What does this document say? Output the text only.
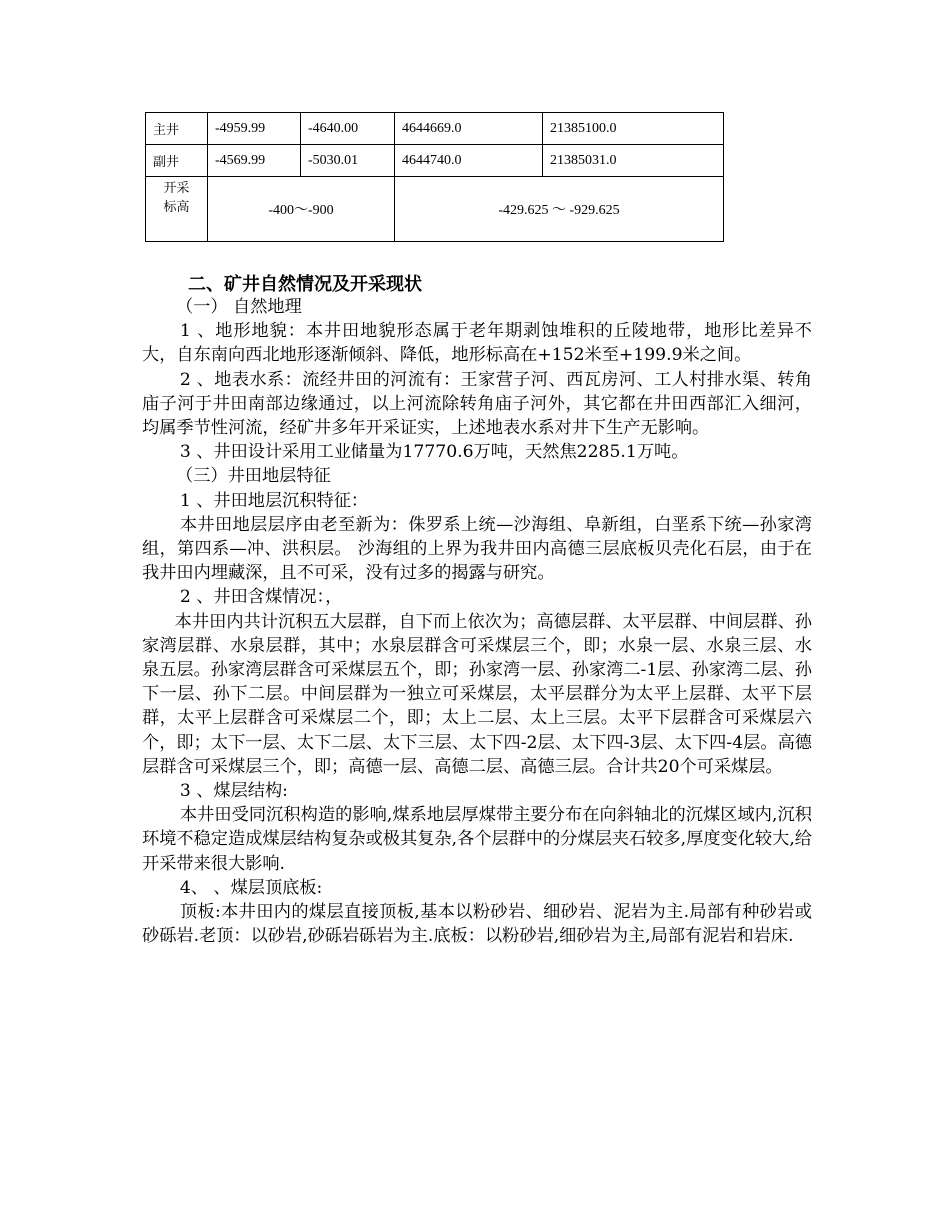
主井	-4959.99	-4640.00	4644669.0	21385100.0
副井	-4569.99	-5030.01	4644740.0	21385031.0

开采
标高	-400～-900		-429.625 ～ -929.625	
二、矿井自然情况及开采现状

（一） 自然地理

1 、地形地貌：本井田地貌形态属于老年期剥蚀堆积的丘陵地带，地形比差异不大，自东南向西北地形逐渐倾斜、降低，地形标高在+152米至+199.9米之间。

2 、地表水系：流经井田的河流有：王家营子河、西瓦房河、工人村排水渠、转角庙子河于井田南部边缘通过，以上河流除转角庙子河外，其它都在井田西部汇入细河，均属季节性河流，经矿井多年开采证实，上述地表水系对井下生产无影响。

3 、井田设计采用工业储量为17770.6万吨，天然焦2285.1万吨。

（三）井田地层特征

1 、井田地层沉积特征：

本井田地层层序由老至新为：侏罗系上统—沙海组、阜新组，白垩系下统—孙家湾组，第四系—冲、洪积层。 沙海组的上界为我井田内高德三层底板贝壳化石层，由于在我井田内埋藏深，且不可采，没有过多的揭露与研究。

2 、井田含煤情况：，

本井田内共计沉积五大层群，自下而上依次为；高德层群、太平层群、中间层群、孙家湾层群、水泉层群，其中；水泉层群含可采煤层三个，即；水泉一层、水泉三层、水泉五层。孙家湾层群含可采煤层五个，即；孙家湾一层、孙家湾二-1层、孙家湾二层、孙下一层、孙下二层。中间层群为一独立可采煤层，太平层群分为太平上层群、太平下层群，太平上层群含可采煤层二个，即；太上二层、太上三层。太平下层群含可采煤层六个，即；太下一层、太下二层、太下三层、太下四-2层、太下四-3层、太下四-4层。高德层群含可采煤层三个，即；高德一层、高德二层、高德三层。合计共20个可采煤层。

3 、煤层结构:

本井田受同沉积构造的影响,煤系地层厚煤带主要分布在向斜轴北的沉煤区域内,沉积环境不稳定造成煤层结构复杂或极其复杂,各个层群中的分煤层夹石较多,厚度变化较大,给开采带来很大影响.

4、 、煤层顶底板:

顶板:本井田内的煤层直接顶板,基本以粉砂岩、细砂岩、泥岩为主.局部有种砂岩或砂砾岩.老顶：以砂岩,砂砾岩砾岩为主.底板：以粉砂岩,细砂岩为主,局部有泥岩和岩床.
